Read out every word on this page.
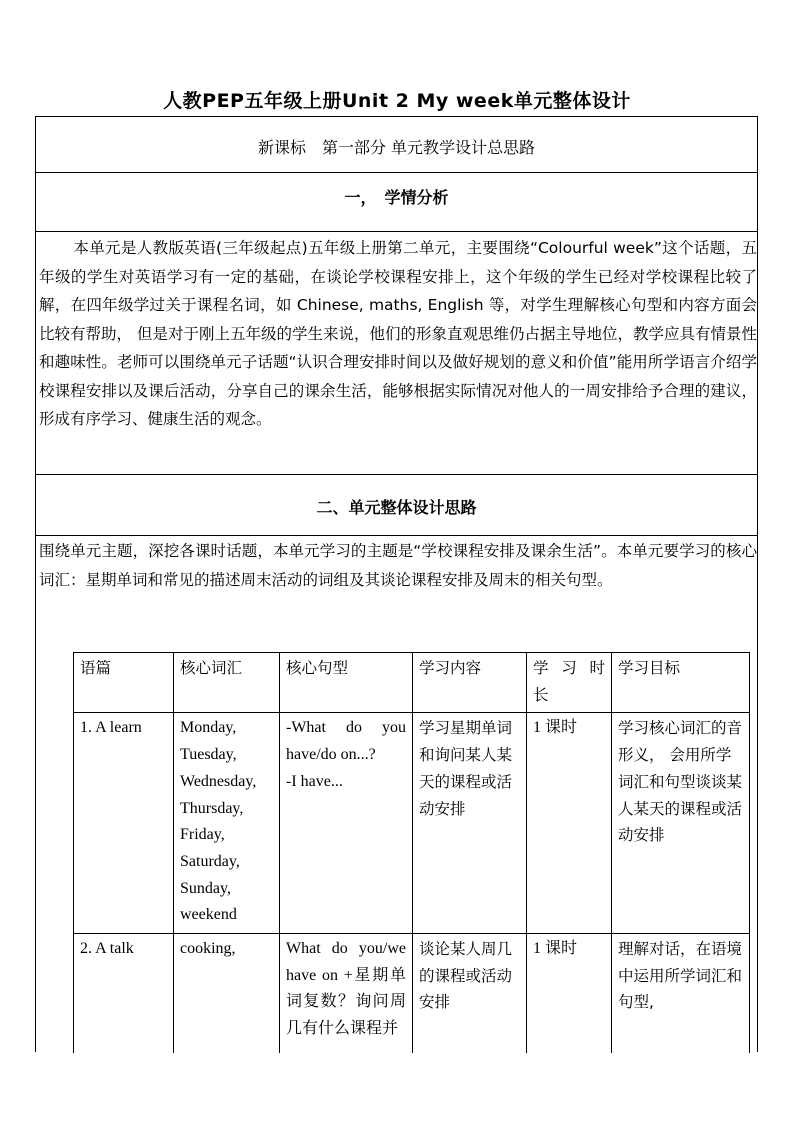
人教PEP五年级上册Unit 2 My week单元整体设计
新课标　第一部分 单元教学设计总思路
一，　学情分析

本单元是人教版英语(三年级起点)五年级上册第二单元，主要围绕“Colourful week”这个话题，五年级的学生对英语学习有一定的基础，在谈论学校课程安排上，这个年级的学生已经对学校课程比较了解，在四年级学过关于课程名词，如 Chinese, maths, English 等，对学生理解核心句型和内容方面会比较有帮助， 但是对于刚上五年级的学生来说，他们的形象直观思维仍占据主导地位，教学应具有情景性和趣味性。老师可以围绕单元子话题“认识合理安排时间以及做好规划的意义和价值”能用所学语言介绍学校课程安排以及课后活动，分享自己的课余生活，能够根据实际情况对他人的一周安排给予合理的建议，形成有序学习、健康生活的观念。

二、单元整体设计思路

围绕单元主题，深挖各课时话题，本单元学习的主题是“学校课程安排及课余生活”。本单元要学习的核心词汇：星期单词和常见的描述周末活动的词组及其谈论课程安排及周末的相关句型。

语篇	核心词汇	核心句型	学习内容	学 习 时 长	学习目标
1. A learn	Monday, Tuesday, Wednesday, Thursday, Friday, Saturday, Sunday, weekend	-What do you have/do on...?
-I have...	学习星期单词和询问某人某天的课程或活动安排	1 课时	学习核心词汇的音形义， 会用所学词汇和句型谈谈某人某天的课程或活动安排
2. A talk	cooking,	What do you/we have on +星期单词复数？询问周几有什么课程并	谈论某人周几的课程或活动安排	1 课时	理解对话，在语境中运用所学词汇和句型,
